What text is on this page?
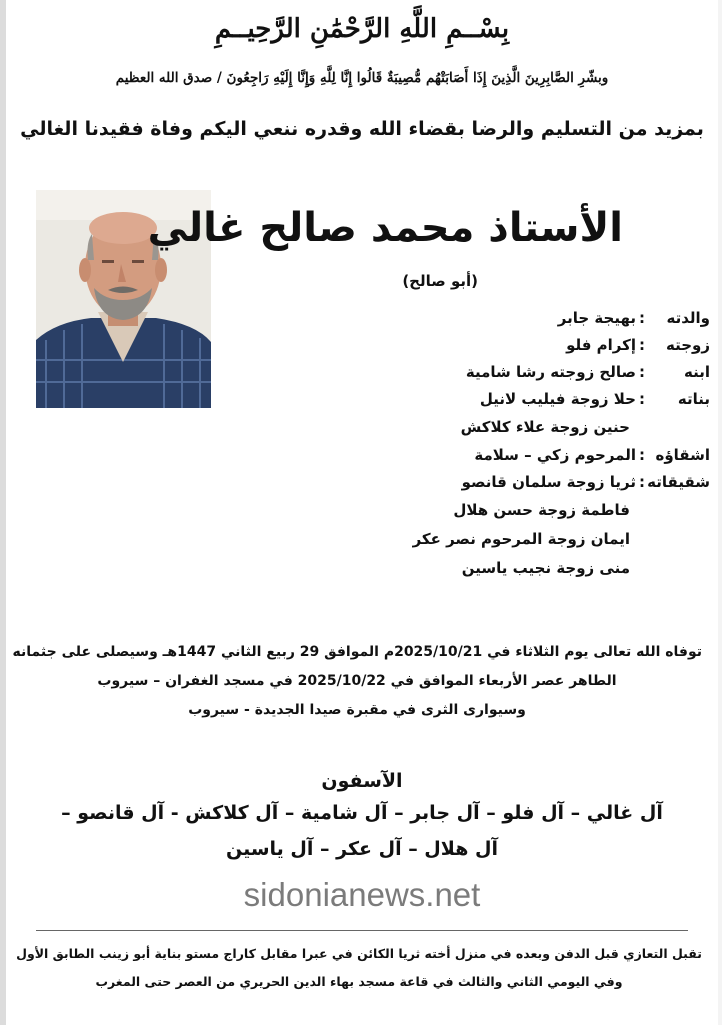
بِسْــمِ اللَّهِ الرَّحْمَٰنِ الرَّحِيــمِ
وبشّرِ الصَّابِرِينَ الَّذِينَ إِذَا أَصَابَتْهُم مُّصِيبَةٌ قَالُوا إِنَّا لِلَّهِ وَإِنَّا إِلَيْهِ رَاجِعُونَ / صدق الله العظيم
بمزيد من التسليم والرضا بقضاء الله وقدره ننعي اليكم وفاة فقيدنا الغالي
الأستاذ محمد صالح غالي
(أبو صالح)
والدته
:
بهيجة جابر
زوجته
:
إكرام فلو
ابنه
:
صالح زوجته رشا شامية
بناته
:
حلا زوجة فيليب لانيل
حنين زوجة علاء كلاكش
اشقاؤه
:
المرحوم زكي – سلامة
شقيقاته
:
ثريا زوجة سلمان قانصو
فاطمة زوجة حسن هلال
ايمان زوجة المرحوم نصر عكر
منى زوجة نجيب ياسين
توفاه الله تعالى يوم الثلاثاء في 2025/10/21م الموافق 29 ربيع الثاني 1447هـ وسيصلى على جثمانه
الطاهر عصر الأربعاء الموافق في 2025/10/22 في مسجد الغفران – سيروب
وسيوارى الثرى في مقبرة صيدا الجديدة - سيروب
الآسفون
آل غالي – آل فلو – آل جابر – آل شامية – آل كلاكش - آل قانصو –
آل هلال – آل عكر – آل ياسين
sidonianews.net
تقبل التعازي قبل الدفن وبعده في منزل أخته ثريا الكائن في عبرا مقابل كاراج مستو بناية أبو زينب الطابق الأول
وفي اليومي الثاني والثالث في قاعة مسجد بهاء الدين الحريري من العصر حتى المغرب
